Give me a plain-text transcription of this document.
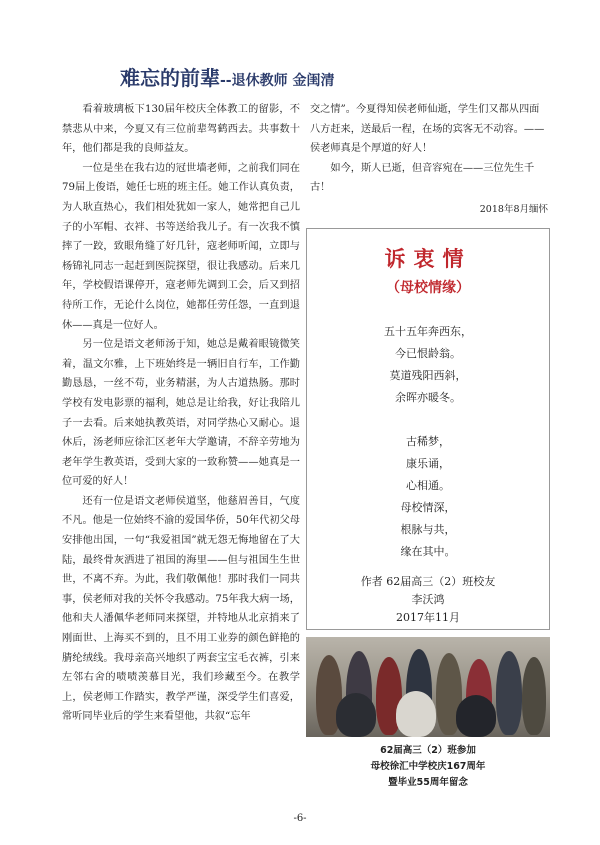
难忘的前辈--退休教师 金闺清

看着玻璃板下130届年校庆全体教工的留影，不禁悲从中来，今夏又有三位前辈驾鹤西去。共事数十年，他们都是我的良师益友。

一位是坐在我右边的冠世墙老师，之前我们同在79届上俊语，她任七班的班主任。她工作认真负责，为人耿直热心，我们相处犹如一家人，她常把自己儿子的小军帽、衣袢、书等送给我儿子。有一次我不慎摔了一跤，致眼角缝了好几针，寇老师听闻，立即与杨锦礼同志一起赶到医院探望，很让我感动。后来几年，学校假语课停开，寇老师先调到工会，后又到招待所工作，无论什么岗位，她都任劳任怨，一直到退休——真是一位好人。

另一位是语文老师汤于知，她总是戴着眼镜微笑着，温文尔雅，上下班始终是一辆旧自行车，工作勤勤恳恳，一丝不苟，业务精湛，为人古道热肠。那时学校有发电影票的福利，她总是让给我，好让我陪儿子一去看。后来她执教英语，对同学热心又耐心。退休后，汤老师应徐汇区老年大学邀请，不辞辛劳地为老年学生教英语，受到大家的一致称赞——她真是一位可爱的好人！

还有一位是语文老师侯道坚，他慈眉善目，气度不凡。他是一位始终不渝的爱国华侨，50年代初父母安排他出国，一句“我爱祖国”就无怨无悔地留在了大陆，最终骨灰洒进了祖国的海里——但与祖国生生世世，不离不弃。为此，我们敬佩他！那时我们一同共事，侯老师对我的关怀令我感动。75年我大病一场，他和夫人潘佩华老师同来探望，并特地从北京捎来了刚面世、上海买不到的，且不用工业券的颜色鲜艳的腈纶绒线。我母亲高兴地织了两套宝宝毛衣裤，引来左邻右舍的啧啧羡慕目光，我们珍藏至今。在教学上，侯老师工作踏实，教学严谨，深受学生们喜爱，常听同毕业后的学生来看望他，共叙“忘年

交之情”。今夏得知侯老师仙逝，学生们又都从四面八方赶来，送最后一程，在场的宾客无不动容。——侯老师真是个厚道的好人！

如今，斯人已逝，但音容宛在——三位先生千古！

2018年8月缅怀
诉衷情
（母校情缘）
五十五年奔西东，
今已恨龄翁。
莫道残阳西斜，
余晖亦暖冬。
古稀梦，
康乐诵，
心相通。
母校情深，
根脉与共，
缘在其中。
作者 62届高三（2）班校友
李沃鸿
2017年11月
62届高三（2）班参加
母校徐汇中学校庆167周年
暨毕业55周年留念
-6-
